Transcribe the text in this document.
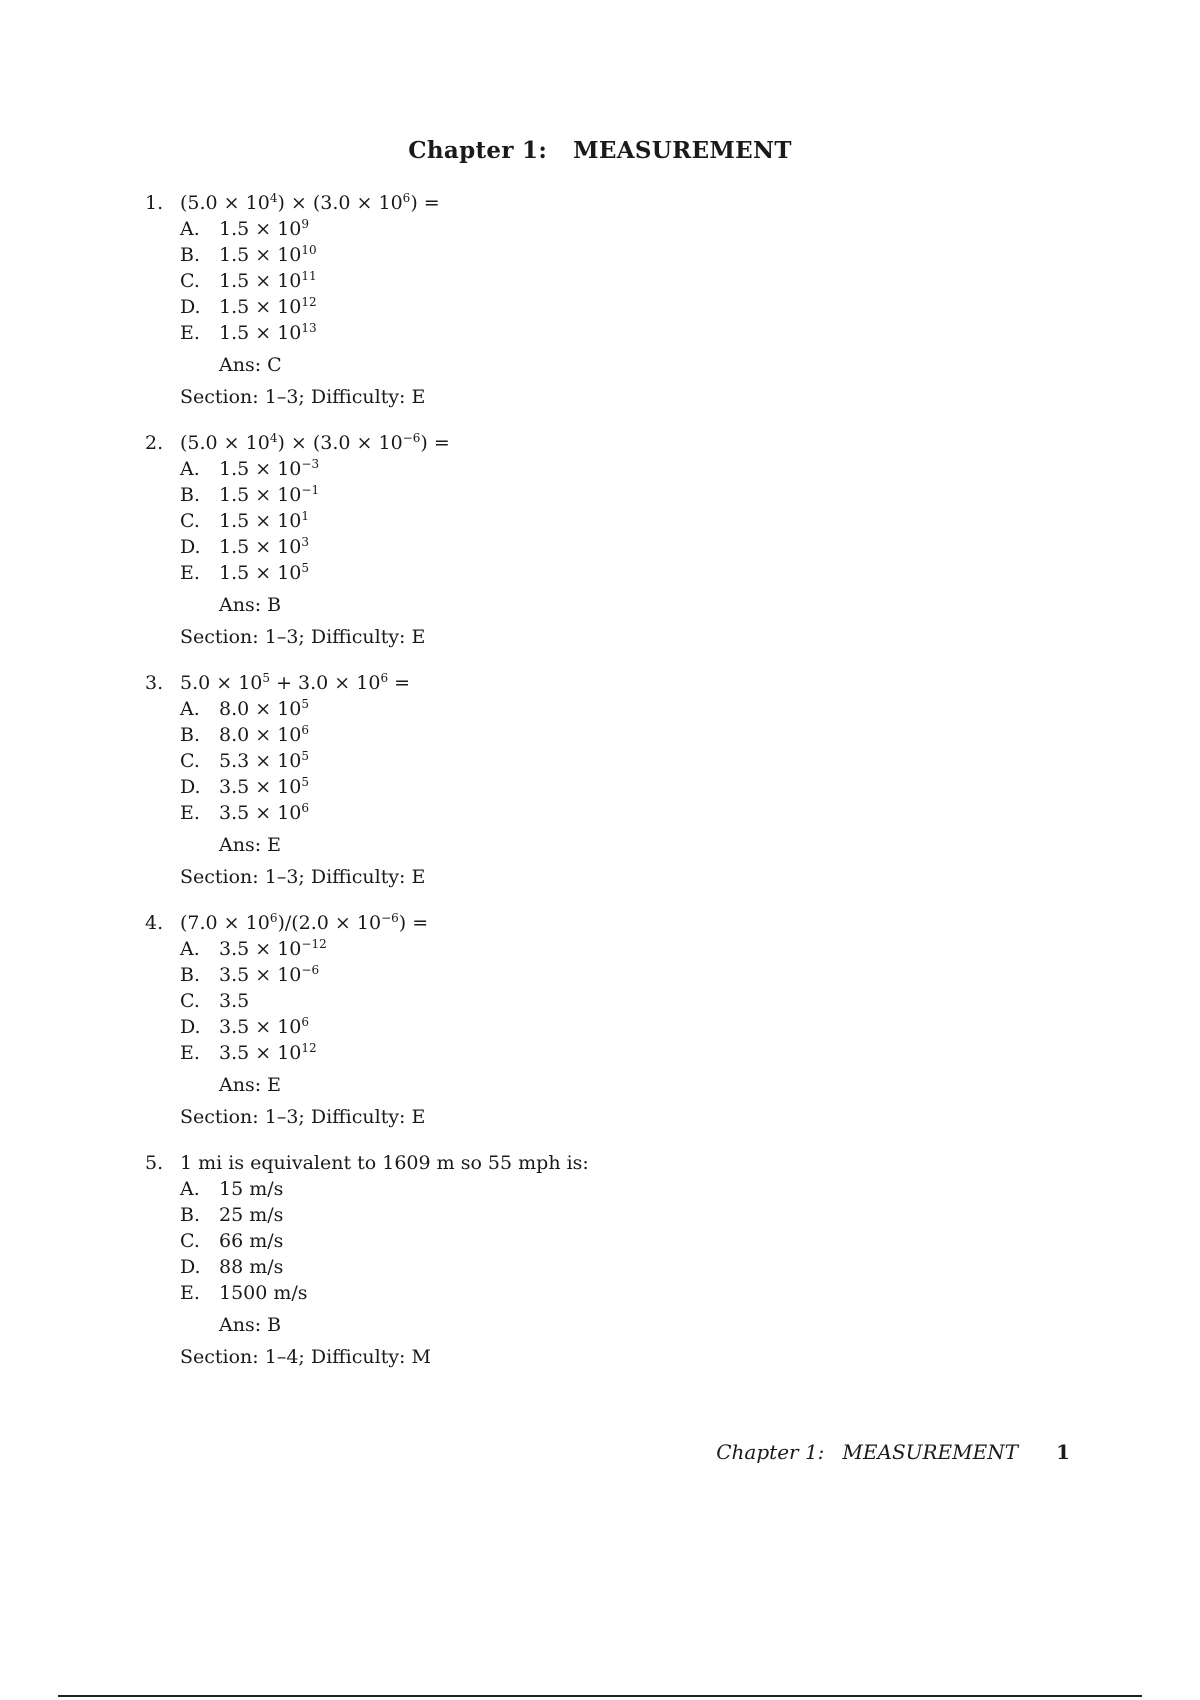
Chapter 1: MEASUREMENT
1. $(5.0 \times 10^4) \times (3.0 \times 10^6)$ =
A. $1.5 \times 10^9$
B. $1.5 \times 10^{10}$
C. $1.5 \times 10^{11}$
D. $1.5 \times 10^{12}$
E. $1.5 \times 10^{13}$
Ans: C
Section: 1–3; Difficulty: E
2. $(5.0 \times 10^4) \times (3.0 \times 10^{-6})$ =
A. $1.5 \times 10^{-3}$
B. $1.5 \times 10^{-1}$
C. $1.5 \times 10^1$
D. $1.5 \times 10^3$
E. $1.5 \times 10^5$
Ans: B
Section: 1–3; Difficulty: E
3. $5.0 \times 10^5 + 3.0 \times 10^6$ =
A. $8.0 \times 10^5$
B. $8.0 \times 10^6$
C. $5.3 \times 10^5$
D. $3.5 \times 10^5$
E. $3.5 \times 10^6$
Ans: E
Section: 1–3; Difficulty: E
4. $(7.0 \times 10^6)/(2.0 \times 10^{-6})$ =
A. $3.5 \times 10^{-12}$
B. $3.5 \times 10^{-6}$
C. 3.5
D. $3.5 \times 10^6$
E. $3.5 \times 10^{12}$
Ans: E
Section: 1–3; Difficulty: E
5. 1 mi is equivalent to 1609 m so 55 mph is:
A. 15 m/s
B. 25 m/s
C. 66 m/s
D. 88 m/s
E. 1500 m/s
Ans: B
Section: 1–4; Difficulty: M
Chapter 1: MEASUREMENT 1
